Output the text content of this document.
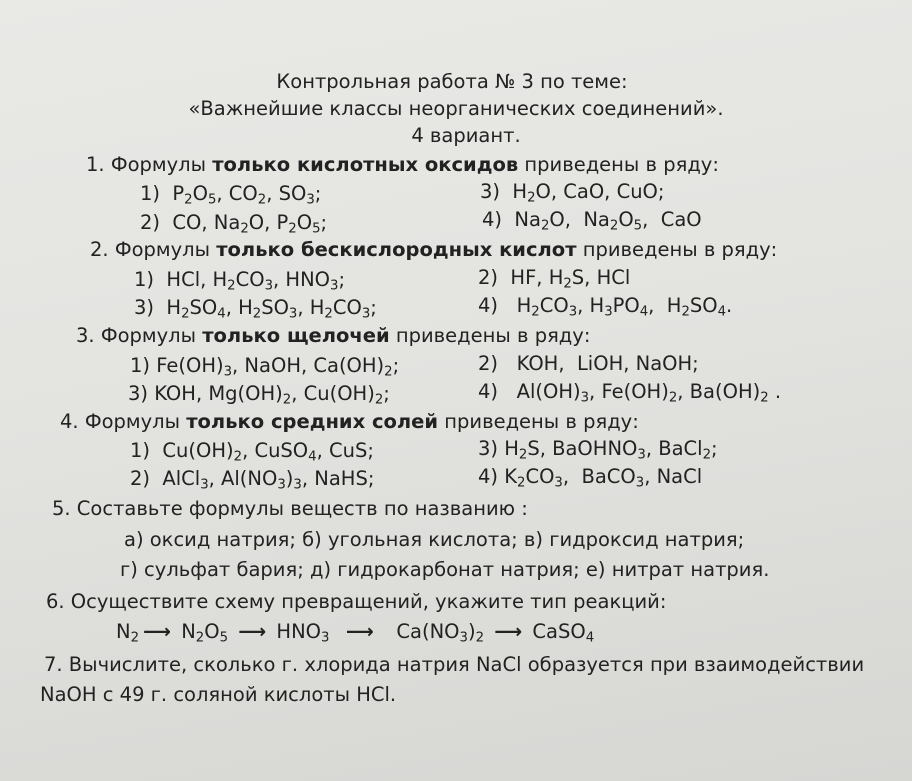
Контрольная работа № 3 по теме:
«Важнейшие классы неорганических соединений».
4 вариант.
1. Формулы только кислотных оксидов приведены в ряду:
1)  $P_2O_5$, $CO_2$, $SO_3$;	3)  $H_2O$, CaO, CuO;
2)  CO, $Na_2O$, $P_2O_5$;	4)  $Na_2O$,  $Na_2O_5$,  CaO
2. Формулы только бескислородных кислот приведены в ряду:
1)  HCl, $H_2CO_3$, $HNO_3$;	2)  HF, $H_2S$, HCl
3)  $H_2SO_4$, $H_2SO_3$, $H_2CO_3$;	4)   $H_2CO_3$, $H_3PO_4$,  $H_2SO_4$.
3. Формулы только щелочей приведены в ряду:
1) $Fe(OH)_3$, NaOH, $Ca(OH)_2$;	2)   KOH,  LiOH, NaOH;
3) KOH, $Mg(OH)_2$, $Cu(OH)_2$;	4)   $Al(OH)_3$, $Fe(OH)_2$, $Ba(OH)_2$ .
4. Формулы только средних солей приведены в ряду:
1)  $Cu(OH)_2$, CuSO$_4$, CuS;	3) $H_2S$, BaOHNO$_3$, BaCl$_2$;
2)  AlCl$_3$, $Al(NO_3)_3$, NaHS;	4) $K_2CO_3$,  BaCO$_3$, NaCl
5. Составьте формулы веществ по названию :
а) оксид натрия; б) угольная кислота; в) гидроксид натрия;
г) сульфат бария; д) гидрокарбонат натрия; е) нитрат натрия.
6. Осуществите схему превращений, укажите тип реакций:
$N_2$ ⟶ $N_2O_5$ ⟶ $HNO_3$ ⟶   $Ca(NO_3)_2$ ⟶ CaSO$_4$
7. Вычислите, сколько г. хлорида натрия NaCl образуется при взаимодействии
NaOH с 49 г. соляной кислоты HCl.
